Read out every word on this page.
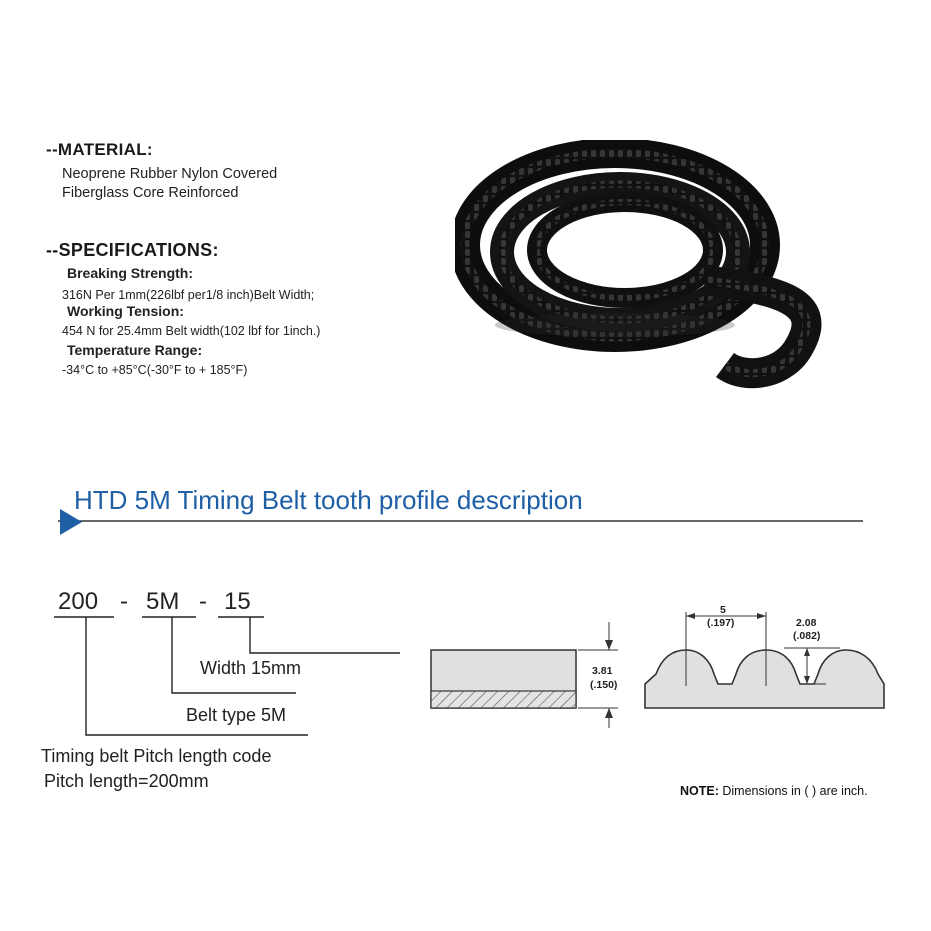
--MATERIAL:
Neoprene Rubber Nylon Covered
Fiberglass Core Reinforced
--SPECIFICATIONS:
Breaking Strength:
316N Per 1mm(226lbf per1/8 inch)Belt Width;
Working Tension:
454 N for 25.4mm Belt width(102 lbf for 1inch.)
Temperature Range:
-34°C to +85°C(-30°F to + 185°F)
HTD 5M Timing Belt tooth profile description
200 - 5M - 15
Width 15mm
Belt type 5M
Timing belt Pitch length code
Pitch length=200mm
3.81
(.150)
5
(.197)	2.08
(.082)
NOTE: Dimensions in ( ) are inch.
